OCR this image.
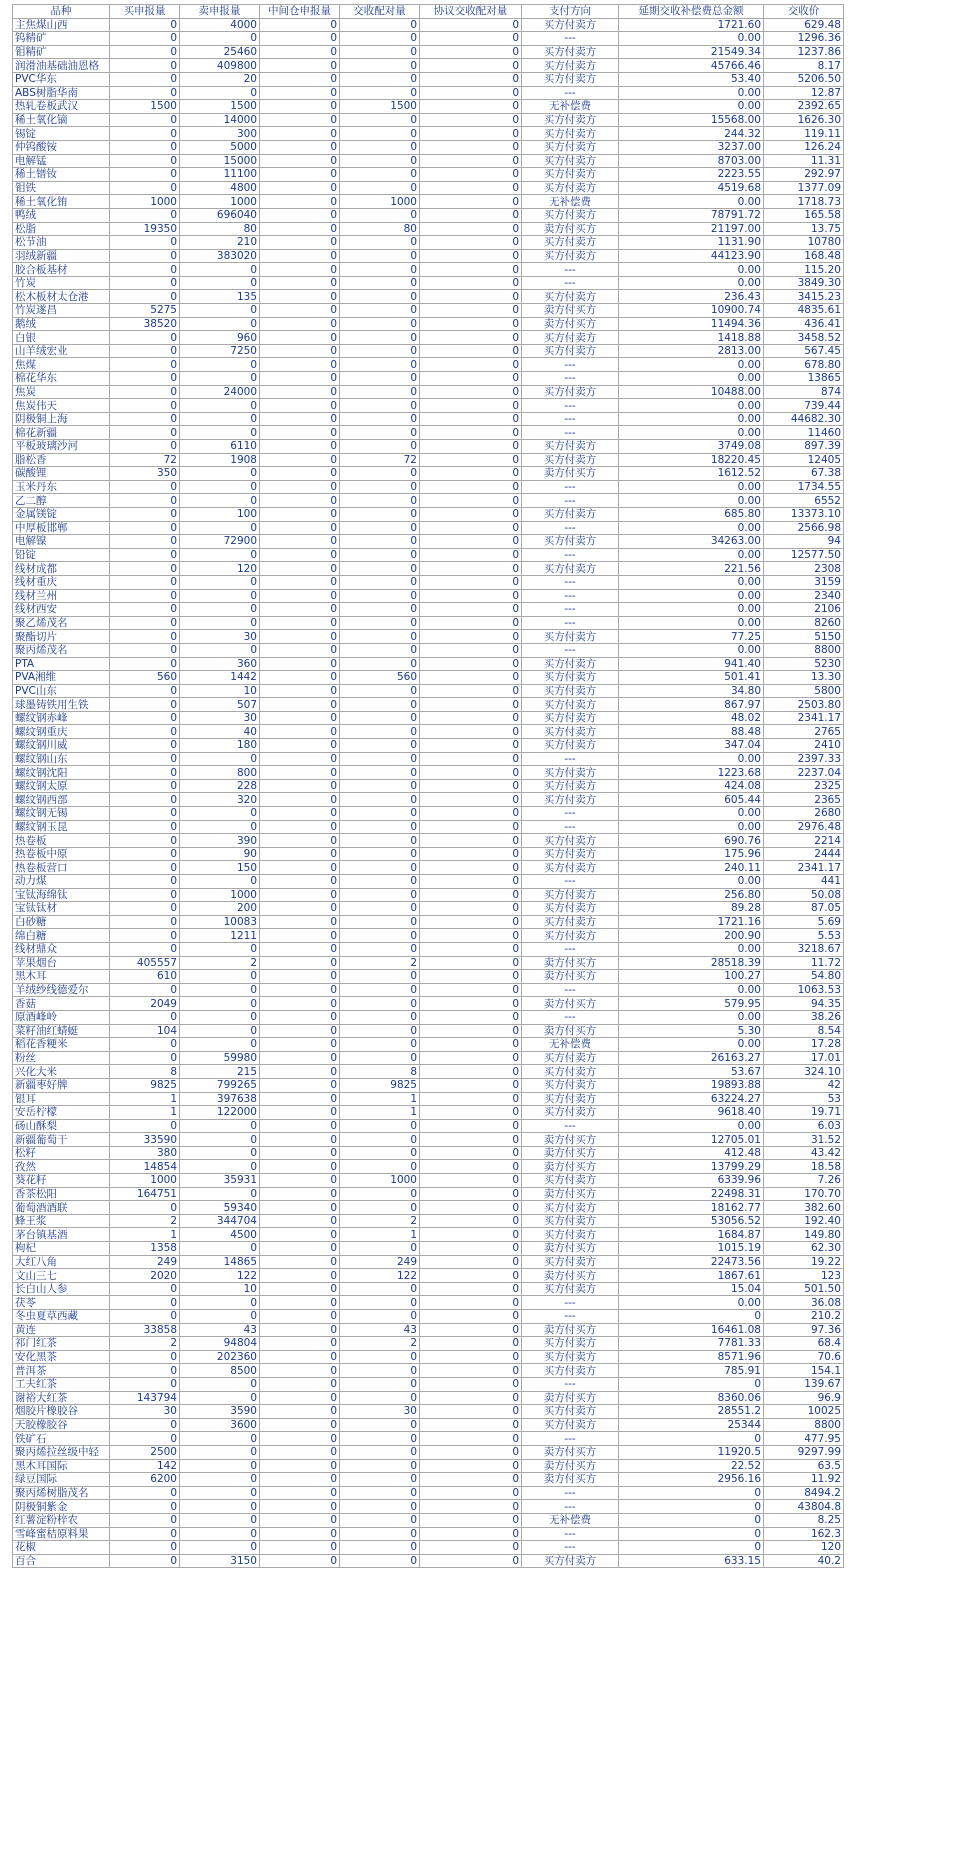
品种	买申报量	卖申报量	中间仓申报量	交收配对量	协议交收配对量	支付方向	延期交收补偿费总金额	交收价
主焦煤山西	0	4000	0	0	0	买方付卖方	1721.60	629.48
钨精矿	0	0	0	0	0	---	0.00	1296.36
钼精矿	0	25460	0	0	0	买方付卖方	21549.34	1237.86
润滑油基础油恩格	0	409800	0	0	0	买方付卖方	45766.46	8.17
PVC华东	0	20	0	0	0	买方付卖方	53.40	5206.50
ABS树脂华南	0	0	0	0	0	---	0.00	12.87
热轧卷板武汉	1500	1500	0	1500	0	无补偿费	0.00	2392.65
稀土氧化镝	0	14000	0	0	0	买方付卖方	15568.00	1626.30
锡锭	0	300	0	0	0	买方付卖方	244.32	119.11
仲钨酸铵	0	5000	0	0	0	买方付卖方	3237.00	126.24
电解锰	0	15000	0	0	0	买方付卖方	8703.00	11.31
稀土镨钕	0	11100	0	0	0	买方付卖方	2223.55	292.97
钼铁	0	4800	0	0	0	买方付卖方	4519.68	1377.09
稀土氧化铕	1000	1000	0	1000	0	无补偿费	0.00	1718.73
鸭绒	0	696040	0	0	0	买方付卖方	78791.72	165.58
松脂	19350	80	0	80	0	卖方付买方	21197.00	13.75
松节油	0	210	0	0	0	买方付卖方	1131.90	10780
羽绒新疆	0	383020	0	0	0	买方付卖方	44123.90	168.48
胶合板基材	0	0	0	0	0	---	0.00	115.20
竹炭	0	0	0	0	0	---	0.00	3849.30
松木板材太仓港	0	135	0	0	0	买方付卖方	236.43	3415.23
竹炭遂昌	5275	0	0	0	0	卖方付买方	10900.74	4835.61
鹅绒	38520	0	0	0	0	卖方付买方	11494.36	436.41
白银	0	960	0	0	0	买方付卖方	1418.88	3458.52
山羊绒宏业	0	7250	0	0	0	买方付卖方	2813.00	567.45
焦煤	0	0	0	0	0	---	0.00	678.80
棉花华东	0	0	0	0	0	---	0.00	13865
焦炭	0	24000	0	0	0	买方付卖方	10488.00	874
焦炭伟天	0	0	0	0	0	---	0.00	739.44
阴极铜上海	0	0	0	0	0	---	0.00	44682.30
棉花新疆	0	0	0	0	0	---	0.00	11460
平板玻璃沙河	0	6110	0	0	0	买方付卖方	3749.08	897.39
脂松香	72	1908	0	72	0	买方付卖方	18220.45	12405
碳酸锂	350	0	0	0	0	卖方付买方	1612.52	67.38
玉米丹东	0	0	0	0	0	---	0.00	1734.55
乙二醇	0	0	0	0	0	---	0.00	6552
金属镁锭	0	100	0	0	0	买方付卖方	685.80	13373.10
中厚板邯郸	0	0	0	0	0	---	0.00	2566.98
电解镍	0	72900	0	0	0	买方付卖方	34263.00	94
铅锭	0	0	0	0	0	---	0.00	12577.50
线材成都	0	120	0	0	0	买方付卖方	221.56	2308
线材重庆	0	0	0	0	0	---	0.00	3159
线材兰州	0	0	0	0	0	---	0.00	2340
线材西安	0	0	0	0	0	---	0.00	2106
聚乙烯茂名	0	0	0	0	0	---	0.00	8260
聚酯切片	0	30	0	0	0	买方付卖方	77.25	5150
聚丙烯茂名	0	0	0	0	0	---	0.00	8800
PTA	0	360	0	0	0	买方付卖方	941.40	5230
PVA湘维	560	1442	0	560	0	买方付卖方	501.41	13.30
PVC山东	0	10	0	0	0	买方付卖方	34.80	5800
球墨铸铁用生铁	0	507	0	0	0	买方付卖方	867.97	2503.80
螺纹钢赤峰	0	30	0	0	0	买方付卖方	48.02	2341.17
螺纹钢重庆	0	40	0	0	0	买方付卖方	88.48	2765
螺纹钢川威	0	180	0	0	0	买方付卖方	347.04	2410
螺纹钢山东	0	0	0	0	0	---	0.00	2397.33
螺纹钢沈阳	0	800	0	0	0	买方付卖方	1223.68	2237.04
螺纹钢太原	0	228	0	0	0	买方付卖方	424.08	2325
螺纹钢西部	0	320	0	0	0	买方付卖方	605.44	2365
螺纹钢无锡	0	0	0	0	0	---	0.00	2680
螺纹钢玉昆	0	0	0	0	0	---	0.00	2976.48
热卷板	0	390	0	0	0	买方付卖方	690.76	2214
热卷板中原	0	90	0	0	0	买方付卖方	175.96	2444
热卷板营口	0	150	0	0	0	买方付卖方	240.11	2341.17
动力煤	0	0	0	0	0	---	0.00	441
宝钛海绵钛	0	1000	0	0	0	买方付卖方	256.80	50.08
宝钛钛材	0	200	0	0	0	买方付卖方	89.28	87.05
白砂糖	0	10083	0	0	0	买方付卖方	1721.16	5.69
绵白糖	0	1211	0	0	0	买方付卖方	200.90	5.53
线材鼎众	0	0	0	0	0	---	0.00	3218.67
苹果烟台	405557	2	0	2	0	卖方付买方	28518.39	11.72
黑木耳	610	0	0	0	0	卖方付买方	100.27	54.80
羊绒纱线德爱尔	0	0	0	0	0	---	0.00	1063.53
香菇	2049	0	0	0	0	卖方付买方	579.95	94.35
原酒峰岭	0	0	0	0	0	---	0.00	38.26
菜籽油红蜻蜓	104	0	0	0	0	卖方付买方	5.30	8.54
稻花香粳米	0	0	0	0	0	无补偿费	0.00	17.28
粉丝	0	59980	0	0	0	买方付卖方	26163.27	17.01
兴化大米	8	215	0	8	0	买方付卖方	53.67	324.10
新疆枣好牌	9825	799265	0	9825	0	买方付卖方	19893.88	42
银耳	1	397638	0	1	0	买方付卖方	63224.27	53
安岳柠檬	1	122000	0	1	0	买方付卖方	9618.40	19.71
砀山酥梨	0	0	0	0	0	---	0.00	6.03
新疆葡萄干	33590	0	0	0	0	卖方付买方	12705.01	31.52
松籽	380	0	0	0	0	卖方付买方	412.48	43.42
孜然	14854	0	0	0	0	卖方付买方	13799.29	18.58
葵花籽	1000	35931	0	1000	0	买方付卖方	6339.96	7.26
香茶松阳	164751	0	0	0	0	卖方付买方	22498.31	170.70
葡萄酒酒联	0	59340	0	0	0	买方付卖方	18162.77	382.60
蜂王浆	2	344704	0	2	0	买方付卖方	53056.52	192.40
茅台镇基酒	1	4500	0	1	0	买方付卖方	1684.87	149.80
枸杞	1358	0	0	0	0	卖方付买方	1015.19	62.30
大红八角	249	14865	0	249	0	买方付卖方	22473.56	19.22
文山三七	2020	122	0	122	0	卖方付买方	1867.61	123
长白山人参	0	10	0	0	0	买方付卖方	15.04	501.50
茯苓	0	0	0	0	0	---	0.00	36.08
冬虫夏草西藏	0	0	0	0	0	---	0	210.2
黄连	33858	43	0	43	0	卖方付买方	16461.08	97.36
祁门红茶	2	94804	0	2	0	买方付卖方	7781.33	68.4
安化黑茶	0	202360	0	0	0	买方付卖方	8571.96	70.6
普洱茶	0	8500	0	0	0	买方付卖方	785.91	154.1
工夫红茶	0	0	0	0	0	---	0	139.67
谢裕大红茶	143794	0	0	0	0	卖方付买方	8360.06	96.9
烟胶片橡胶谷	30	3590	0	30	0	买方付卖方	28551.2	10025
天胶橡胶谷	0	3600	0	0	0	买方付卖方	25344	8800
铁矿石	0	0	0	0	0	---	0	477.95
聚丙烯拉丝级中轻	2500	0	0	0	0	卖方付买方	11920.5	9297.99
黑木耳国际	142	0	0	0	0	卖方付买方	22.52	63.5
绿豆国际	6200	0	0	0	0	卖方付买方	2956.16	11.92
聚丙烯树脂茂名	0	0	0	0	0	---	0	8494.2
阴极铜紫金	0	0	0	0	0	---	0	43804.8
红薯淀粉梓农	0	0	0	0	0	无补偿费	0	8.25
雪峰蜜桔原料果	0	0	0	0	0	---	0	162.3
花椒	0	0	0	0	0	---	0	120
百合	0	3150	0	0	0	买方付卖方	633.15	40.2
